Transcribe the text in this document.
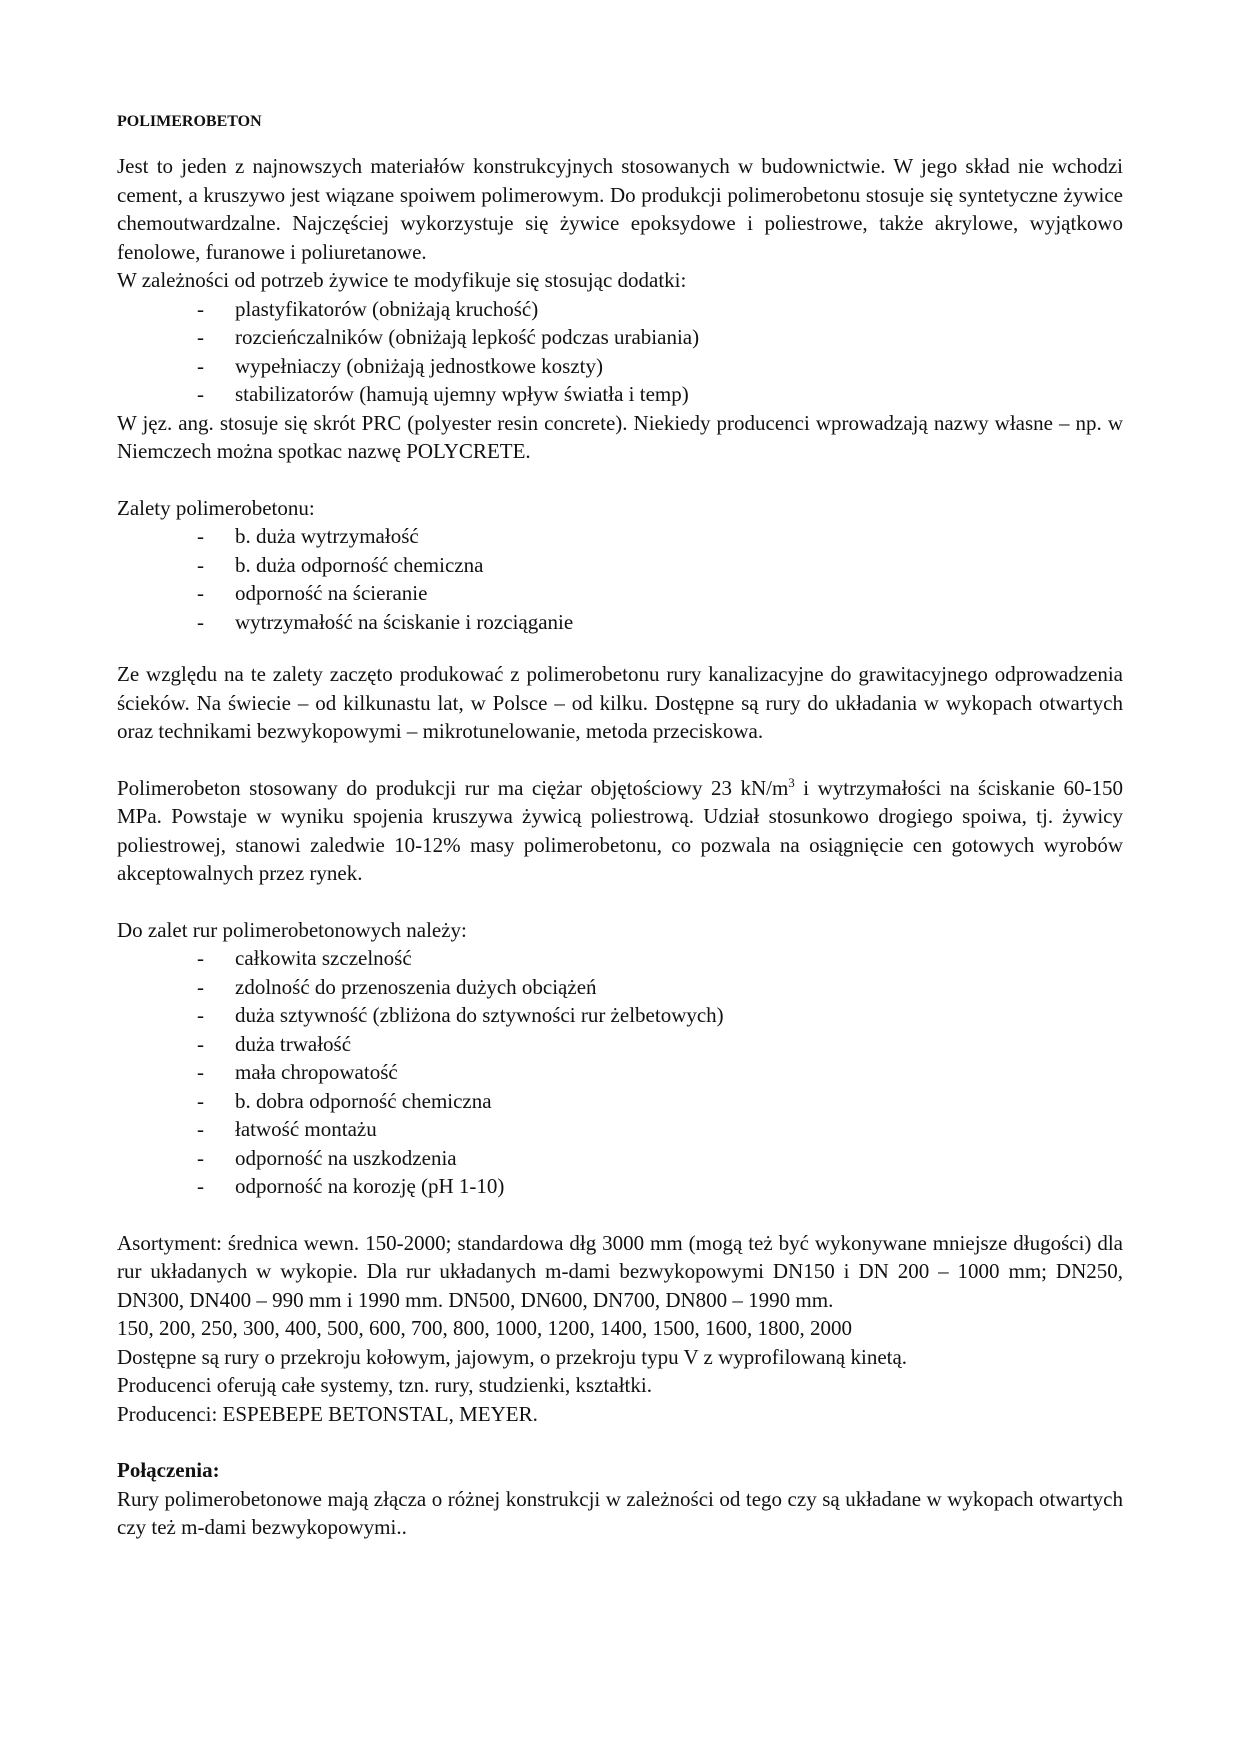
POLIMEROBETON

Jest to jeden z najnowszych materiałów konstrukcyjnych stosowanych w budownictwie. W jego skład nie wchodzi cement, a kruszywo jest wiązane spoiwem polimerowym. Do produkcji polimerobetonu stosuje się syntetyczne żywice chemoutwardzalne. Najczęściej wykorzystuje się żywice epoksydowe i poliestrowe, także akrylowe, wyjątkowo fenolowe, furanowe i poliuretanowe.

W zależności od potrzeb żywice te modyfikuje się stosując dodatki:

- plastyfikatorów (obniżają kruchość)
- rozcieńczalników (obniżają lepkość podczas urabiania)
- wypełniaczy (obniżają jednostkowe koszty)
- stabilizatorów (hamują ujemny wpływ światła i temp)

W jęz. ang. stosuje się skrót PRC (polyester resin concrete). Niekiedy producenci wprowadzają nazwy własne – np. w Niemczech można spotkac nazwę POLYCRETE.

Zalety polimerobetonu:

- b. duża wytrzymałość
- b. duża odporność chemiczna
- odporność na ścieranie
- wytrzymałość na ściskanie i rozciąganie

Ze względu na te zalety zaczęto produkować z polimerobetonu rury kanalizacyjne do grawitacyjnego odprowadzenia ścieków. Na świecie – od kilkunastu lat, w Polsce – od kilku. Dostępne są rury do układania w wykopach otwartych oraz technikami bezwykopowymi – mikrotunelowanie, metoda przeciskowa.

Polimerobeton stosowany do produkcji rur ma ciężar objętościowy 23 $kN/m^3$ i wytrzymałości na ściskanie 60-150 MPa. Powstaje w wyniku spojenia kruszywa żywicą poliestrową. Udział stosunkowo drogiego spoiwa, tj. żywicy poliestrowej, stanowi zaledwie 10-12% masy polimerobetonu, co pozwala na osiągnięcie cen gotowych wyrobów akceptowalnych przez rynek.

Do zalet rur polimerobetonowych należy:

- całkowita szczelność
- zdolność do przenoszenia dużych obciążeń
- duża sztywność (zbliżona do sztywności rur żelbetowych)
- duża trwałość
- mała chropowatość
- b. dobra odporność chemiczna
- łatwość montażu
- odporność na uszkodzenia
- odporność na korozję (pH 1-10)

Asortyment: średnica wewn. 150-2000; standardowa dłg 3000 mm (mogą też być wykonywane mniejsze długości) dla rur układanych w wykopie. Dla rur układanych m-dami bezwykopowymi DN150 i DN 200 – 1000 mm; DN250, DN300, DN400 – 990 mm i 1990 mm. DN500, DN600, DN700, DN800 – 1990 mm.

150, 200, 250, 300, 400, 500, 600, 700, 800, 1000, 1200, 1400, 1500, 1600, 1800, 2000

Dostępne są rury o przekroju kołowym, jajowym, o przekroju typu V z wyprofilowaną kinetą.

Producenci oferują całe systemy, tzn. rury, studzienki, kształtki.

Producenci: ESPEBEPE BETONSTAL, MEYER.

Połączenia:

Rury polimerobetonowe mają złącza o różnej konstrukcji w zależności od tego czy są układane w wykopach otwartych czy też m-dami bezwykopowymi..
